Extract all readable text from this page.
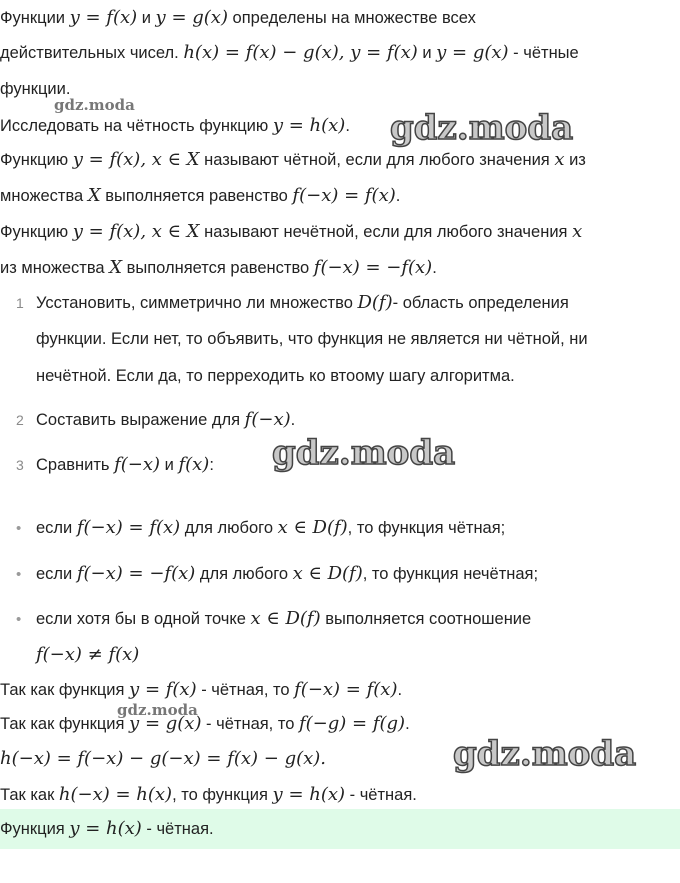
Функции y = f(x) и y = g(x) определены на множестве всех
действительных чисел. h(x) = f(x) − g(x), y = f(x) и y = g(x) - чётные
функции.
Исследовать на чётность функцию y = h(x).
Функцию y = f(x), x ∈ X называют чётной, если для любого значения x из
множества X выполняется равенство f(−x) = f(x).
Функцию y = f(x), x ∈ X называют нечётной, если для любого значения x
из множества X выполняется равенство f(−x) = −f(x).
1 Усстановить, симметрично ли множество D(f)- область определения
функции. Если нет, то объявить, что функция не является ни чётной, ни
нечётной. Если да, то перреходить ко втоому шагу алгоритма.
2 Составить выражение для f(−x).
3 Сравнить f(−x) и f(x):
• если f(−x) = f(x) для любого x ∈ D(f), то функция чётная;
• если f(−x) = −f(x) для любого x ∈ D(f), то функция нечётная;
• если хотя бы в одной точке x ∈ D(f) выполняется соотношение
f(−x) ≠ f(x)
Так как функция y = f(x) - чётная, то f(−x) = f(x).
Так как функция y = g(x) - чётная, то f(−g) = f(g).
h(−x) = f(−x) − g(−x) = f(x) − g(x).
Так как h(−x) = h(x), то функция y = h(x) - чётная.
Функция y = h(x) - чётная.
gdz.moda
gdz.moda
gdz.moda
gdz.moda
gdz.moda
